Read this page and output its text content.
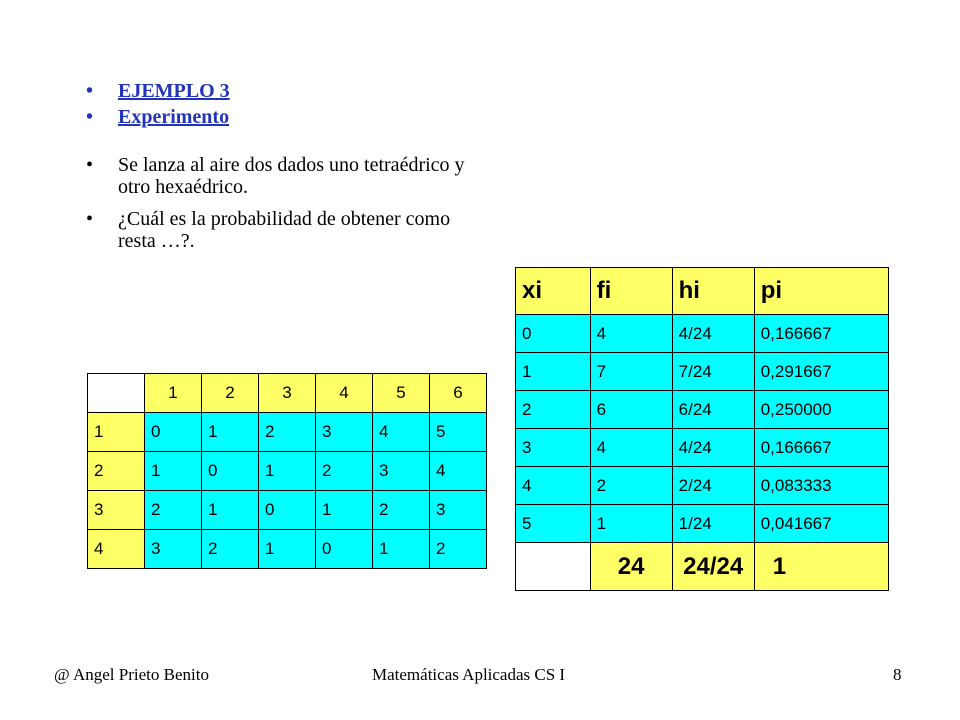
•	EJEMPLO 3
•	Experimento
•	Se lanza al aire dos dados uno tetraédrico y otro hexaédrico.
•	¿Cuál es la probabilidad de obtener como resta …?.
	1	2	3	4	5	6
1	0	1	2	3	4	5
2	1	0	1	2	3	4
3	2	1	0	1	2	3
4	3	2	1	0	1	2
xi	fi	hi	pi
0	4	4/24	0,166667
1	7	7/24	0,291667
2	6	6/24	0,250000
3	4	4/24	0,166667
4	2	2/24	0,083333
5	1	1/24	0,041667
	24	24/24	1
@ Angel Prieto Benito	Matemáticas Aplicadas CS I	8
